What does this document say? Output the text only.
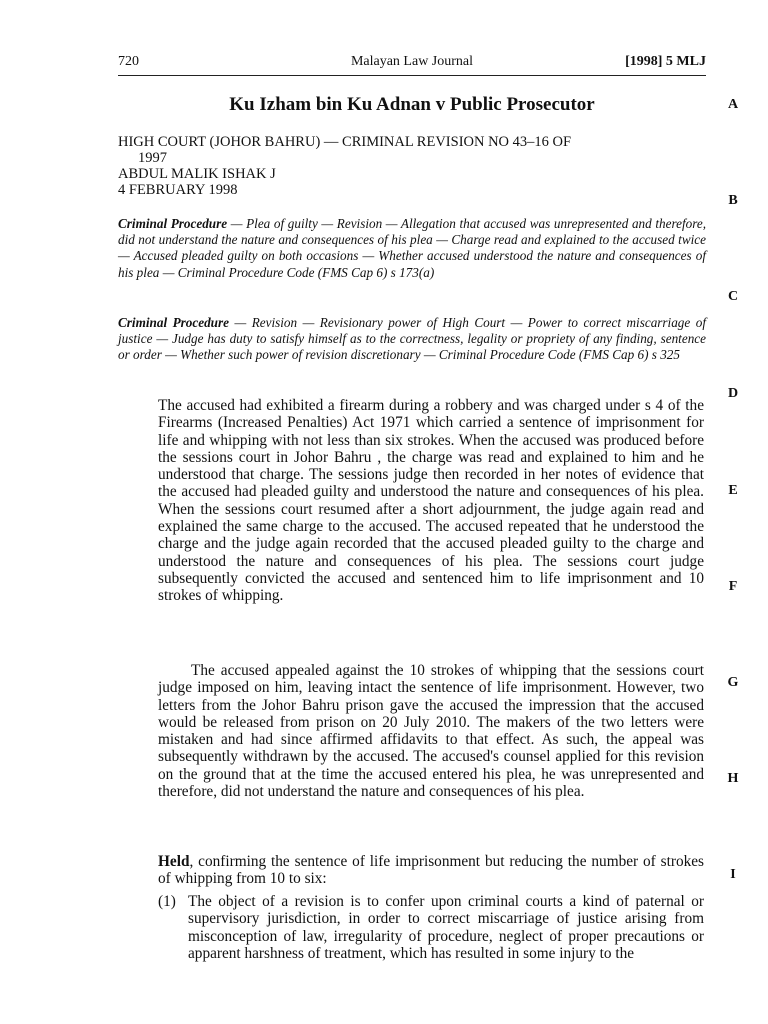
720	Malayan Law Journal	[1998] 5 MLJ
Ku Izham bin Ku Adnan v Public Prosecutor
HIGH COURT (JOHOR BAHRU) — CRIMINAL REVISION NO 43–16 OF
1997
ABDUL MALIK ISHAK J
4 FEBRUARY 1998
Criminal Procedure — Plea of guilty — Revision — Allegation that accused was unrepresented and therefore, did not understand the nature and consequences of his plea — Charge read and explained to the accused twice — Accused pleaded guilty on both occasions — Whether accused understood the nature and consequences of his plea — Criminal Procedure Code (FMS Cap 6) s 173(a)
Criminal Procedure — Revision — Revisionary power of High Court — Power to correct miscarriage of justice — Judge has duty to satisfy himself as to the correctness, legality or propriety of any finding, sentence or order — Whether such power of revision discretionary — Criminal Procedure Code (FMS Cap 6) s 325
The accused had exhibited a firearm during a robbery and was charged under s 4 of the Firearms (Increased Penalties) Act 1971 which carried a sentence of imprisonment for life and whipping with not less than six strokes. When the accused was produced before the sessions court in Johor Bahru , the charge was read and explained to him and he understood that charge. The sessions judge then recorded in her notes of evidence that the accused had pleaded guilty and understood the nature and consequences of his plea. When the sessions court resumed after a short adjournment, the judge again read and explained the same charge to the accused. The accused repeated that he understood the charge and the judge again recorded that the accused pleaded guilty to the charge and understood the nature and consequences of his plea. The sessions court judge subsequently convicted the accused and sentenced him to life imprisonment and 10 strokes of whipping.
The accused appealed against the 10 strokes of whipping that the sessions court judge imposed on him, leaving intact the sentence of life imprisonment. However, two letters from the Johor Bahru prison gave the accused the impression that the accused would be released from prison on 20 July 2010. The makers of the two letters were mistaken and had since affirmed affidavits to that effect. As such, the appeal was subsequently withdrawn by the accused. The accused's counsel applied for this revision on the ground that at the time the accused entered his plea, he was unrepresented and therefore, did not understand the nature and consequences of his plea.
Held, confirming the sentence of life imprisonment but reducing the number of strokes of whipping from 10 to six:
(1) The object of a revision is to confer upon criminal courts a kind of paternal or supervisory jurisdiction, in order to correct miscarriage of justice arising from misconception of law, irregularity of procedure, neglect of proper precautions or apparent harshness of treatment, which has resulted in some injury to the
A
B
C
D
E
F
G
H
I
